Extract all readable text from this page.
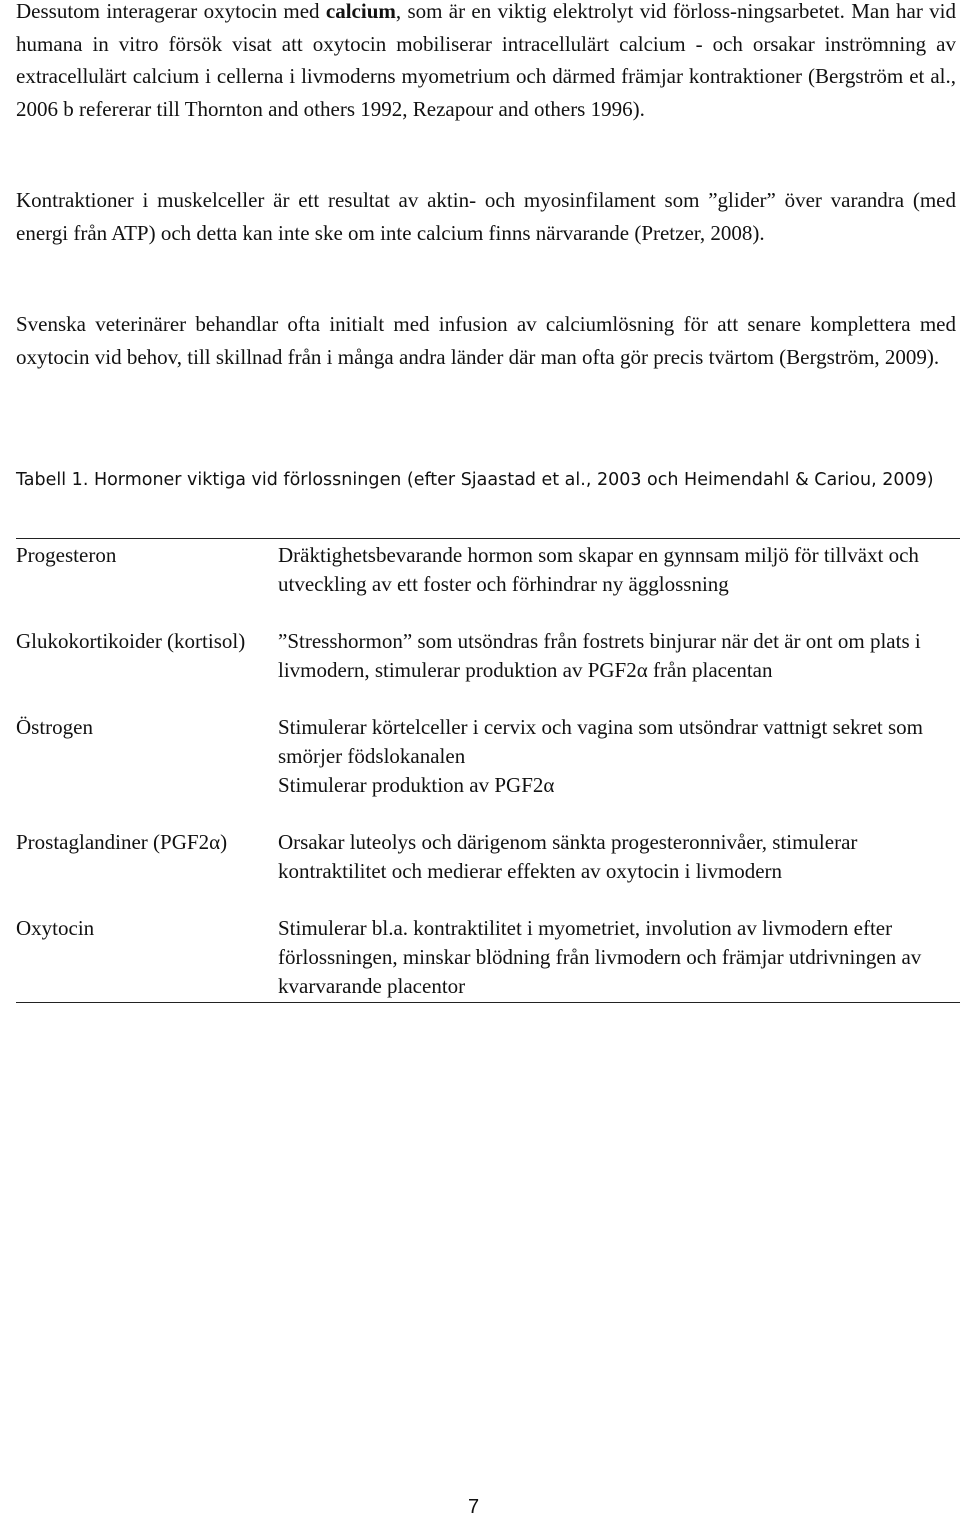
Dessutom interagerar oxytocin med calcium, som är en viktig elektrolyt vid förloss-ningsarbetet. Man har vid humana in vitro försök visat att oxytocin mobiliserar intracellulärt calcium - och orsakar inströmning av extracellulärt calcium i cellerna i livmoderns myometrium och därmed främjar kontraktioner (Bergström et al., 2006 b refererar till Thornton and others 1992, Rezapour and others 1996).

Kontraktioner i muskelceller är ett resultat av aktin- och myosinfilament som ”glider” över varandra (med energi från ATP) och detta kan inte ske om inte calcium finns närvarande (Pretzer, 2008).

Svenska veterinärer behandlar ofta initialt med infusion av calciumlösning för att senare komplettera med oxytocin vid behov, till skillnad från i många andra länder där man ofta gör precis tvärtom (Bergström, 2009).

Tabell 1. Hormoner viktiga vid förlossningen (efter Sjaastad et al., 2003 och Heimendahl & Cariou, 2009)

Progesteron	Dräktighetsbevarande hormon som skapar en gynnsam miljö för tillväxt och utveckling av ett foster och förhindrar ny ägglossning
Glukokortikoider (kortisol)	”Stresshormon” som utsöndras från fostrets binjurar när det är ont om plats i livmodern, stimulerar produktion av PGF2α från placentan
Östrogen	Stimulerar körtelceller i cervix och vagina som utsöndrar vattnigt sekret som smörjer födslokanalen
Stimulerar produktion av PGF2α
Prostaglandiner (PGF2α)	Orsakar luteolys och därigenom sänkta progesteronnivåer, stimulerar kontraktilitet och medierar effekten av oxytocin i livmodern
Oxytocin	Stimulerar bl.a. kontraktilitet i myometriet, involution av livmodern efter förlossningen, minskar blödning från livmodern och främjar utdrivningen av kvarvarande placentor

7
